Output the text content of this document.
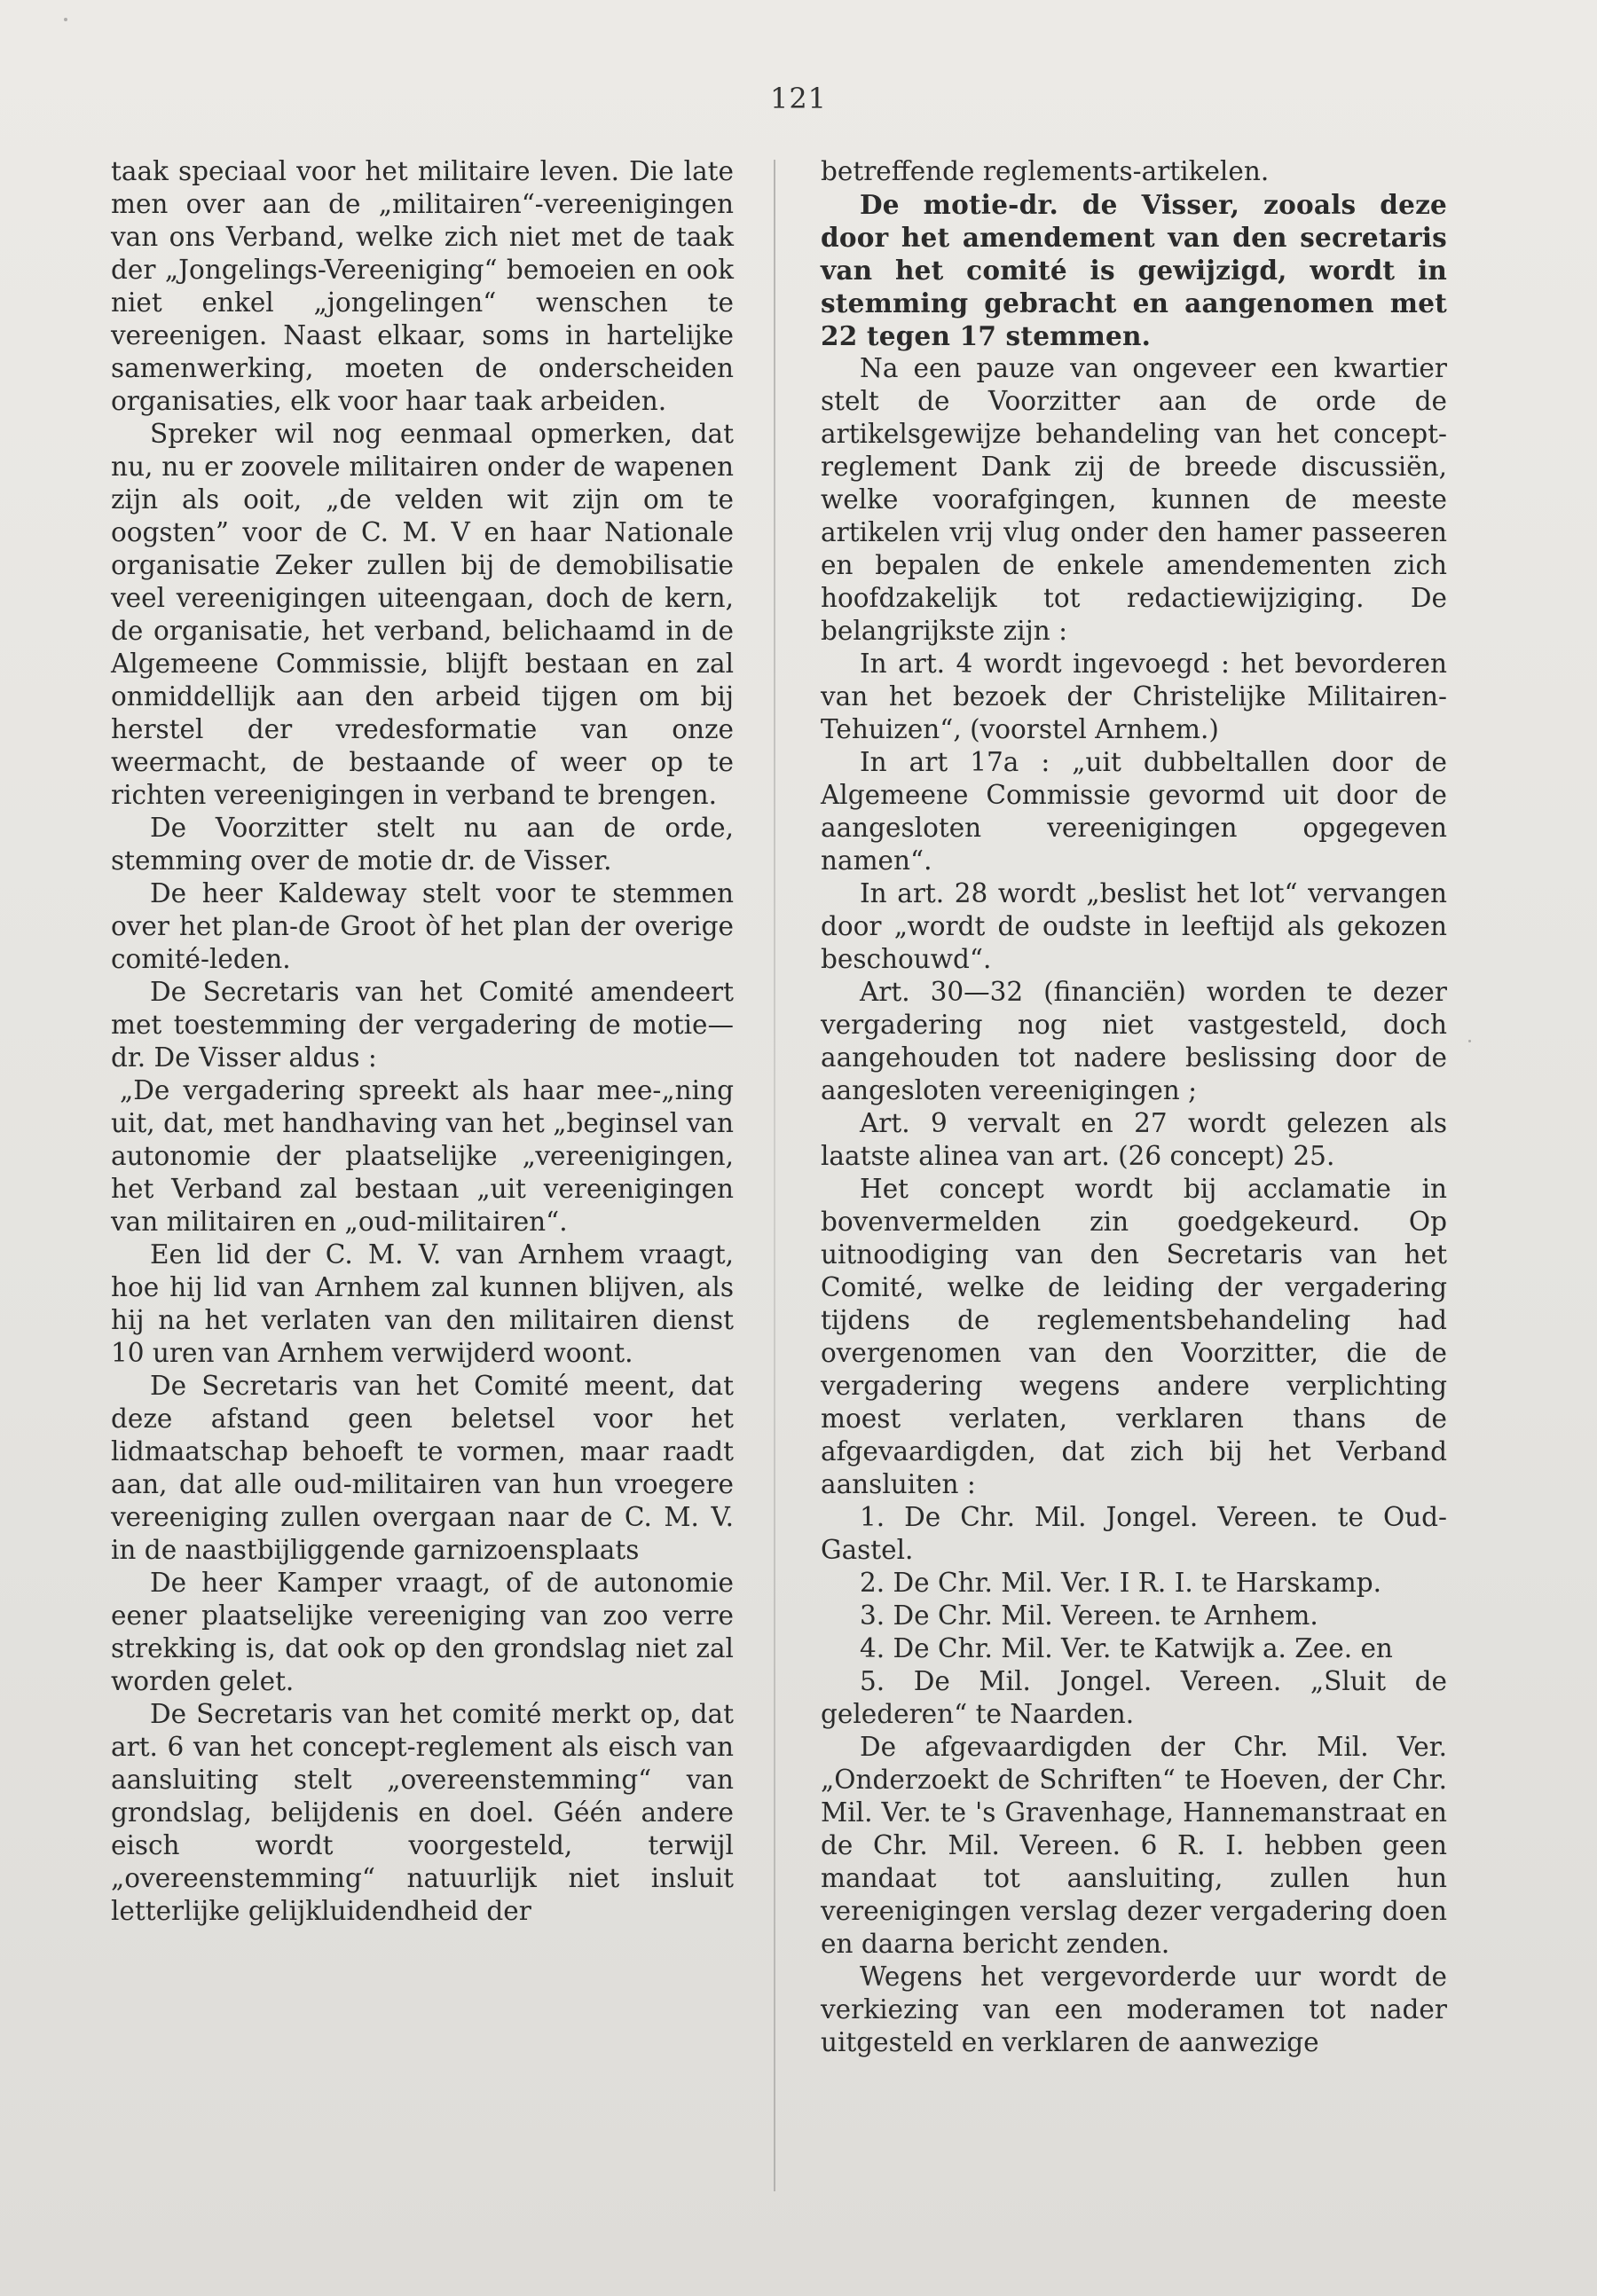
121

taak speciaal voor het militaire leven. Die late men over aan de „militairen“-vereenigingen van ons Verband, welke zich niet met de taak der „Jongelings-Vereeniging“ bemoeien en ook niet enkel „jongelingen“ wenschen te vereenigen. Naast elkaar, soms in hartelijke samenwerking, moeten de onderscheiden organisaties, elk voor haar taak arbeiden.

Spreker wil nog eenmaal opmerken, dat nu, nu er zoovele militairen onder de wapenen zijn als ooit, „de velden wit zijn om te oogsten” voor de C. M. V en haar Nationale organisatie Zeker zullen bij de demobilisatie veel vereenigingen uiteengaan, doch de kern, de organisatie, het verband, belichaamd in de Algemeene Commissie, blijft bestaan en zal onmiddellijk aan den arbeid tijgen om bij herstel der vredesformatie van onze weermacht, de bestaande of weer op te richten vereenigingen in verband te brengen.

De Voorzitter stelt nu aan de orde, stemming over de motie dr. de Visser.

De heer Kaldeway stelt voor te stemmen over het plan-de Groot òf het plan der overige comité-leden.

De Secretaris van het Comité amendeert met toestemming der vergadering de motie—dr. De Visser aldus :

„De vergadering spreekt als haar mee-„ning uit, dat, met handhaving van het „beginsel van autonomie der plaatselijke „vereenigingen, het Verband zal bestaan „uit vereenigingen van militairen en „oud-militairen“.

Een lid der C. M. V. van Arnhem vraagt, hoe hij lid van Arnhem zal kunnen blijven, als hij na het verlaten van den militairen dienst 10 uren van Arnhem verwijderd woont.

De Secretaris van het Comité meent, dat deze afstand geen beletsel voor het lidmaatschap behoeft te vormen, maar raadt aan, dat alle oud-militairen van hun vroegere vereeniging zullen overgaan naar de C. M. V. in de naastbijliggende garnizoensplaats

De heer Kamper vraagt, of de autonomie eener plaatselijke vereeniging van zoo verre strekking is, dat ook op den grondslag niet zal worden gelet.

De Secretaris van het comité merkt op, dat art. 6 van het concept-reglement als eisch van aansluiting stelt „overeenstemming“ van grondslag, belijdenis en doel. Géén andere eisch wordt voorgesteld, terwijl „overeenstemming“ natuurlijk niet insluit letterlijke gelijkluidendheid der

betreffende reglements-artikelen.

De motie-dr. de Visser, zooals deze door het amendement van den secretaris van het comité is gewijzigd, wordt in stemming gebracht en aangenomen met 22 tegen 17 stemmen.

Na een pauze van ongeveer een kwartier stelt de Voorzitter aan de orde de artikelsgewijze behandeling van het concept-reglement Dank zij de breede discussiën, welke voorafgingen, kunnen de meeste artikelen vrij vlug onder den hamer passeeren en bepalen de enkele amendementen zich hoofdzakelijk tot redactiewijziging. De belangrijkste zijn :

In art. 4 wordt ingevoegd : het bevorderen van het bezoek der Christelijke Militairen-Tehuizen“, (voorstel Arnhem.)

In art 17a : „uit dubbeltallen door de Algemeene Commissie gevormd uit door de aangesloten vereenigingen opgegeven namen“.

In art. 28 wordt „beslist het lot“ vervangen door „wordt de oudste in leeftijd als gekozen beschouwd“.

Art. 30—32 (financiën) worden te dezer vergadering nog niet vastgesteld, doch aangehouden tot nadere beslissing door de aangesloten vereenigingen ;

Art. 9 vervalt en 27 wordt gelezen als laatste alinea van art. (26 concept) 25.

Het concept wordt bij acclamatie in bovenvermelden zin goedgekeurd. Op uitnoodiging van den Secretaris van het Comité, welke de leiding der vergadering tijdens de reglementsbehandeling had overgenomen van den Voorzitter, die de vergadering wegens andere verplichting moest verlaten, verklaren thans de afgevaardigden, dat zich bij het Verband aansluiten :

1. De Chr. Mil. Jongel. Vereen. te Oud-Gastel.

2. De Chr. Mil. Ver. I R. I. te Harskamp.

3. De Chr. Mil. Vereen. te Arnhem.

4. De Chr. Mil. Ver. te Katwijk a. Zee. en

5. De Mil. Jongel. Vereen. „Sluit de gelederen“ te Naarden.

De afgevaardigden der Chr. Mil. Ver. „Onderzoekt de Schriften“ te Hoeven, der Chr. Mil. Ver. te 's Gravenhage, Hannemanstraat en de Chr. Mil. Vereen. 6 R. I. hebben geen mandaat tot aansluiting, zullen hun vereenigingen verslag dezer vergadering doen en daarna bericht zenden.

Wegens het vergevorderde uur wordt de verkiezing van een moderamen tot nader uitgesteld en verklaren de aanwezige
